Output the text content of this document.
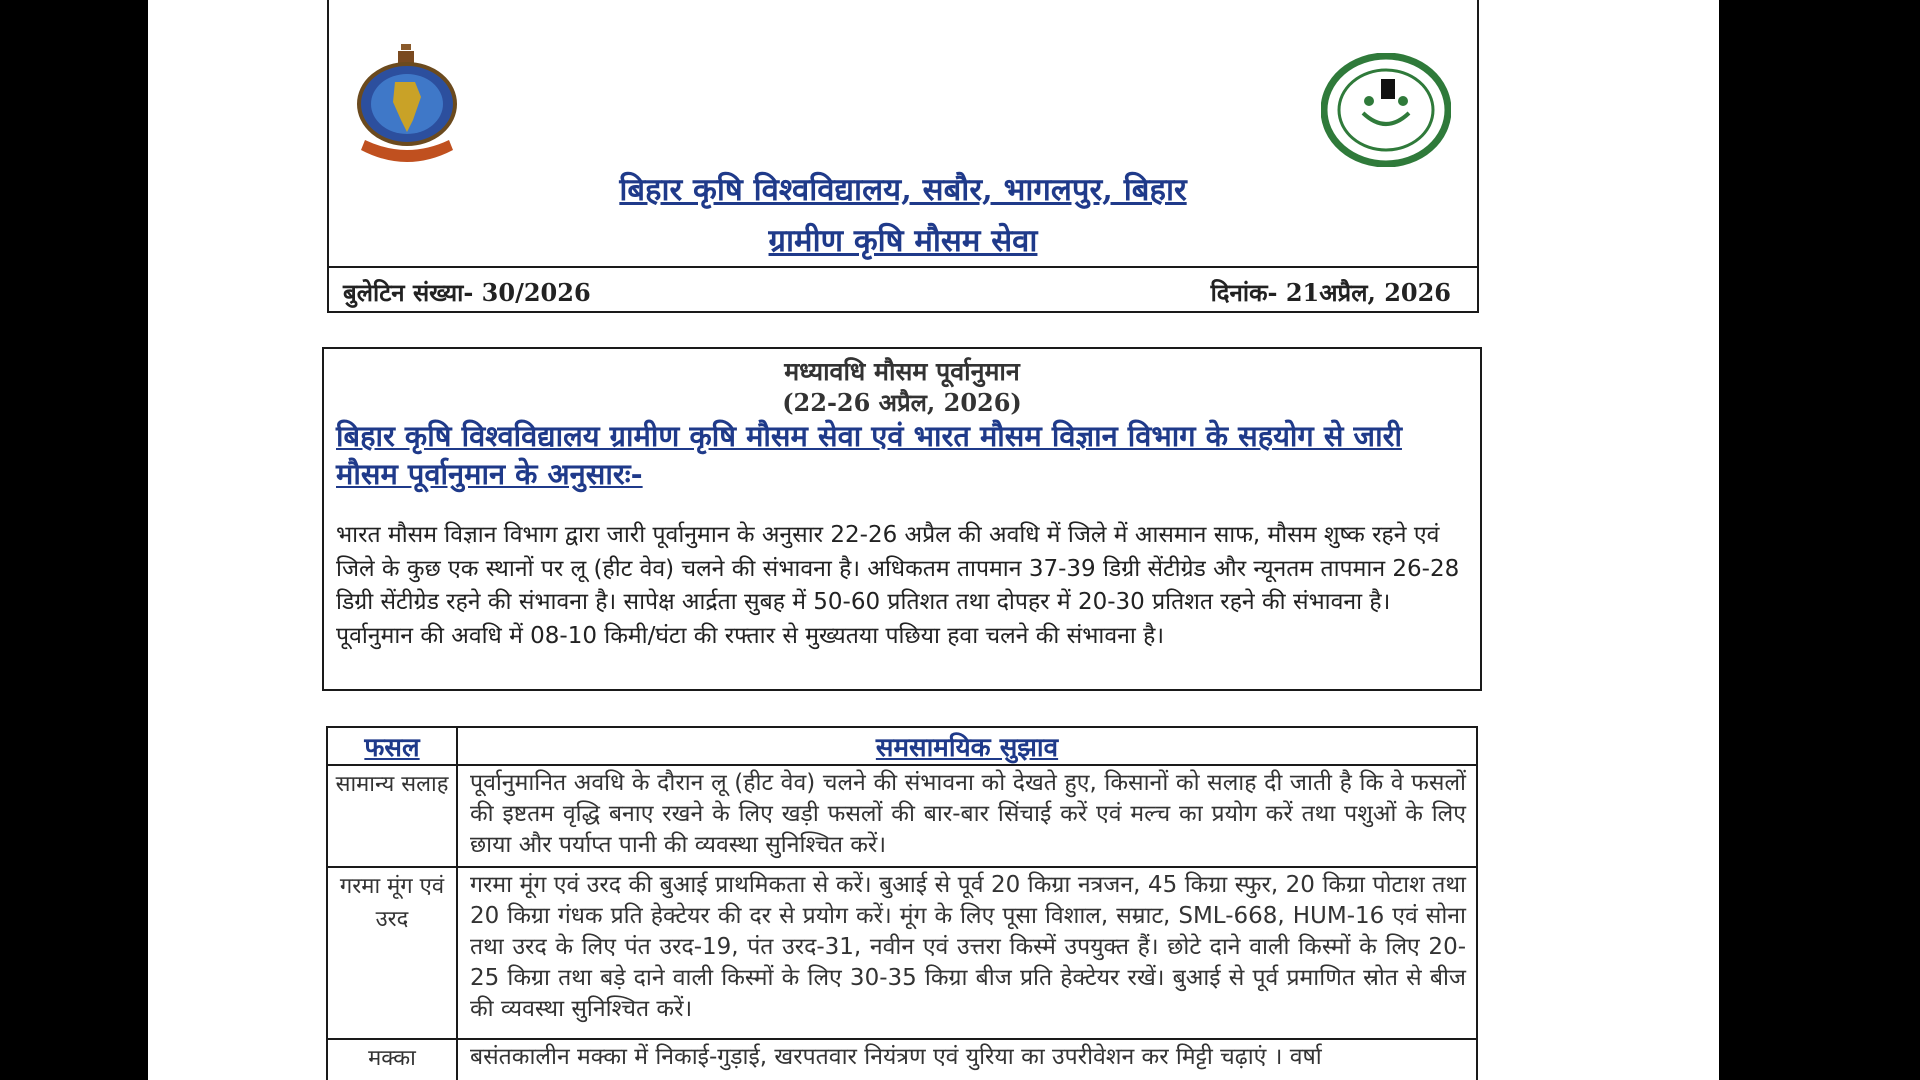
बिहार कृषि विश्वविद्यालय, सबौर, भागलपुर, बिहार
ग्रामीण कृषि मौसम सेवा
बुलेटिन संख्या- 30/2026	दिनांक- 21अप्रैल, 2026
मध्यावधि मौसम पूर्वानुमान
(22-26 अप्रैल, 2026)
बिहार कृषि विश्वविद्यालय ग्रामीण कृषि मौसम सेवा एवं भारत मौसम विज्ञान विभाग के सहयोग से जारी मौसम पूर्वानुमान के अनुसारः-
भारत मौसम विज्ञान विभाग द्वारा जारी पूर्वानुमान के अनुसार 22-26 अप्रैल की अवधि में जिले में आसमान साफ, मौसम शुष्क रहने एवं जिले के कुछ एक स्थानों पर लू (हीट वेव) चलने की संभावना है। अधिकतम तापमान 37-39 डिग्री सेंटीग्रेड और न्यूनतम तापमान 26-28 डिग्री सेंटीग्रेड रहने की संभावना है। सापेक्ष आर्द्रता सुबह में 50-60 प्रतिशत तथा दोपहर में 20-30 प्रतिशत रहने की संभावना है। पूर्वानुमान की अवधि में 08-10 किमी/घंटा की रफ्तार से मुख्यतया पछिया हवा चलने की संभावना है।
फसल	समसामयिक सुझाव
सामान्य सलाह	पूर्वानुमानित अवधि के दौरान लू (हीट वेव) चलने की संभावना को देखते हुए, किसानों को सलाह दी जाती है कि वे फसलों की इष्टतम वृद्धि बनाए रखने के लिए खड़ी फसलों की बार-बार सिंचाई करें एवं मल्च का प्रयोग करें तथा पशुओं के लिए छाया और पर्याप्त पानी की व्यवस्था सुनिश्चित करें।
गरमा मूंग एवं उरद	गरमा मूंग एवं उरद की बुआई प्राथमिकता से करें। बुआई से पूर्व 20 किग्रा नत्रजन, 45 किग्रा स्फुर, 20 किग्रा पोटाश तथा 20 किग्रा गंधक प्रति हेक्टेयर की दर से प्रयोग करें। मूंग के लिए पूसा विशाल, सम्राट, SML-668, HUM-16 एवं सोना तथा उरद के लिए पंत उरद-19, पंत उरद-31, नवीन एवं उत्तरा किस्में उपयुक्त हैं। छोटे दाने वाली किस्मों के लिए 20-25 किग्रा तथा बड़े दाने वाली किस्मों के लिए 30-35 किग्रा बीज प्रति हेक्टेयर रखें। बुआई से पूर्व प्रमाणित स्रोत से बीज की व्यवस्था सुनिश्चित करें।
मक्का	बसंतकालीन मक्का में निकाई-गुड़ाई, खरपतवार नियंत्रण एवं युरिया का उपरीवेशन कर मिट्टी चढ़ाएं । वर्षा
